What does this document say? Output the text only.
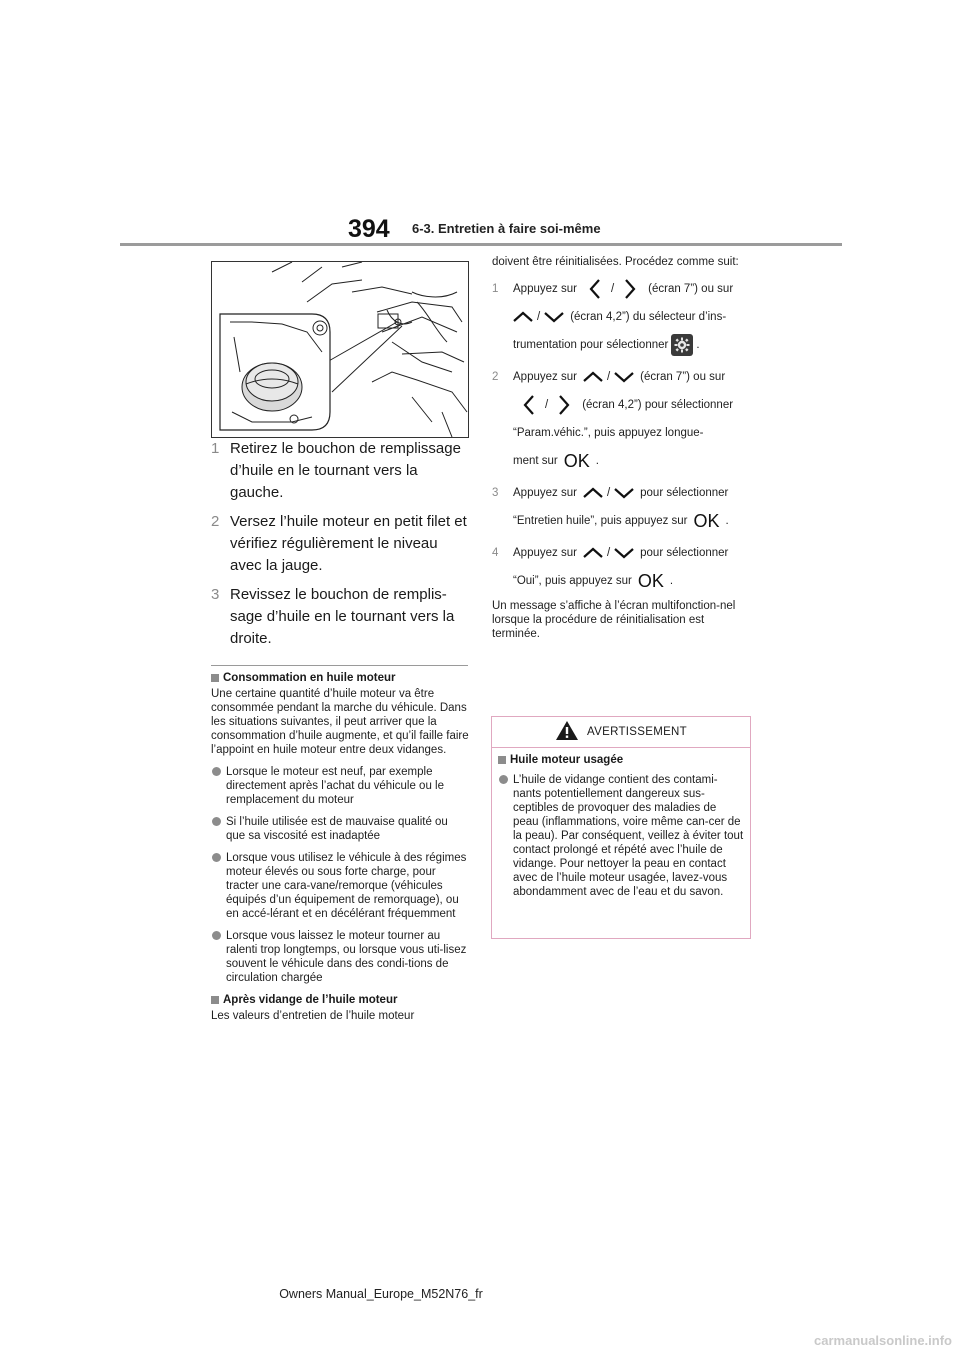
394 6-3. Entretien à faire soi-même
1 Retirez le bouchon de remplissage d’huile en le tournant vers la gauche.
2 Versez l’huile moteur en petit filet et vérifiez régulièrement le niveau avec la jauge.
3 Revissez le bouchon de remplis-sage d’huile en le tournant vers la droite.
Consommation en huile moteur

Une certaine quantité d’huile moteur va être consommée pendant la marche du véhicule. Dans les situations suivantes, il peut arriver que la consommation d’huile augmente, et qu’il faille faire l’appoint en huile moteur entre deux vidanges.

Lorsque le moteur est neuf, par exemple directement après l’achat du véhicule ou le remplacement du moteur
Si l’huile utilisée est de mauvaise qualité ou que sa viscosité est inadaptée
Lorsque vous utilisez le véhicule à des régimes moteur élevés ou sous forte charge, pour tracter une cara-vane/remorque (véhicules équipés d’un équipement de remorquage), ou en accé-lérant et en décélérant fréquemment
Lorsque vous laissez le moteur tourner au ralenti trop longtemps, ou lorsque vous uti-lisez souvent le véhicule dans des condi-tions de circulation chargée
Après vidange de l’huile moteur

Les valeurs d’entretien de l’huile moteur

doivent être réinitialisées. Procédez comme suit:

1	Appuyez sur	/	(écran 7”) ou sur
/	(écran 4,2”) du sélecteur d’ins-
trumentation pour sélectionner .
2	Appuyez sur	/	(écran 7”) ou sur
/	(écran 4,2”) pour sélectionner
“Param.véhic.”, puis appuyez longue-
ment sur OK .
3	Appuyez sur	/	pour sélectionner
“Entretien huile”, puis appuyez sur OK .
4	Appuyez sur	/	pour sélectionner
“Oui”, puis appuyez sur OK .

Un message s’affiche à l’écran multifonction-nel lorsque la procédure de réinitialisation est terminée.

AVERTISSEMENT
Huile moteur usagée
L’huile de vidange contient des contami-nants potentiellement dangereux sus-ceptibles de provoquer des maladies de peau (inflammations, voire même can-cer de la peau). Par conséquent, veillez à éviter tout contact prolongé et répété avec l’huile de vidange. Pour nettoyer la peau en contact avec de l’huile moteur usagée, lavez-vous abondamment avec de l’eau et du savon.
Owners Manual_Europe_M52N76_fr
carmanualsonline.info
